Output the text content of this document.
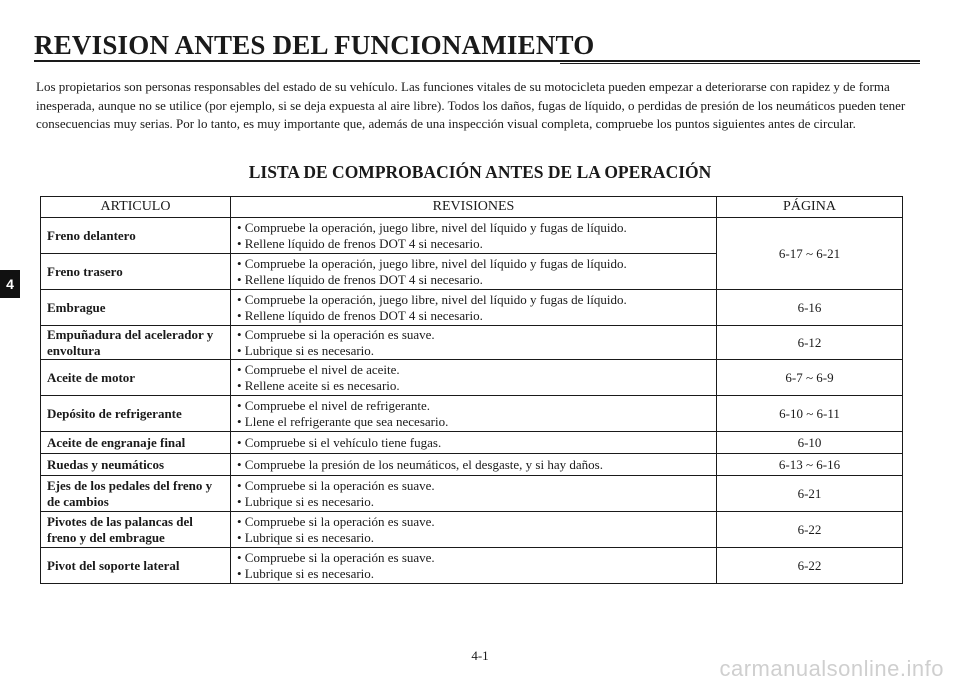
REVISION ANTES DEL FUNCIONAMIENTO

Los propietarios son personas responsables del estado de su vehículo. Las funciones vitales de su motocicleta pueden empezar a deteriorarse con rapidez y de forma inesperada, aunque no se utilice (por ejemplo, si se deja expuesta al aire libre). Todos los daños, fugas de líquido, o perdidas de presión de los neumáticos pueden tener consecuencias muy serias. Por lo tanto, es muy importante que, además de una inspección visual completa, compruebe los puntos siguientes antes de circular.

LISTA DE COMPROBACIÓN ANTES DE LA OPERACIÓN
4
ARTICULO	REVISIONES	PÁGINA
Freno delantero	• Compruebe la operación, juego libre, nivel del líquido y fugas de líquido.
• Rellene líquido de frenos DOT 4 si necesario.	6-17 ~ 6-21
Freno trasero	• Compruebe la operación, juego libre, nivel del líquido y fugas de líquido.
• Rellene líquido de frenos DOT 4 si necesario.	

Embrague	• Compruebe la operación, juego libre, nivel del líquido y fugas de líquido.
• Rellene líquido de frenos DOT 4 si necesario.	6-16
Empuñadura del acelerador y envoltura	• Compruebe si la operación es suave.
• Lubrique si es necesario.	6-12
Aceite de motor	• Compruebe el nivel de aceite.
• Rellene aceite si es necesario.	6-7 ~ 6-9
Depósito de refrigerante	• Compruebe el nivel de refrigerante.
• Llene el refrigerante que sea necesario.	6-10 ~ 6-11
Aceite de engranaje final	• Compruebe si el vehículo tiene fugas.	6-10
Ruedas y neumáticos	• Compruebe la presión de los neumáticos, el desgaste, y si hay daños.	6-13 ~ 6-16
Ejes de los pedales del freno y de cambios	• Compruebe si la operación es suave.
• Lubrique si es necesario.	6-21
Pivotes de las palancas del freno y del embrague	• Compruebe si la operación es suave.
• Lubrique si es necesario.	6-22
Pivot del soporte lateral	• Compruebe si la operación es suave.
• Lubrique si es necesario.	6-22
4-1
carmanualsonline.info
